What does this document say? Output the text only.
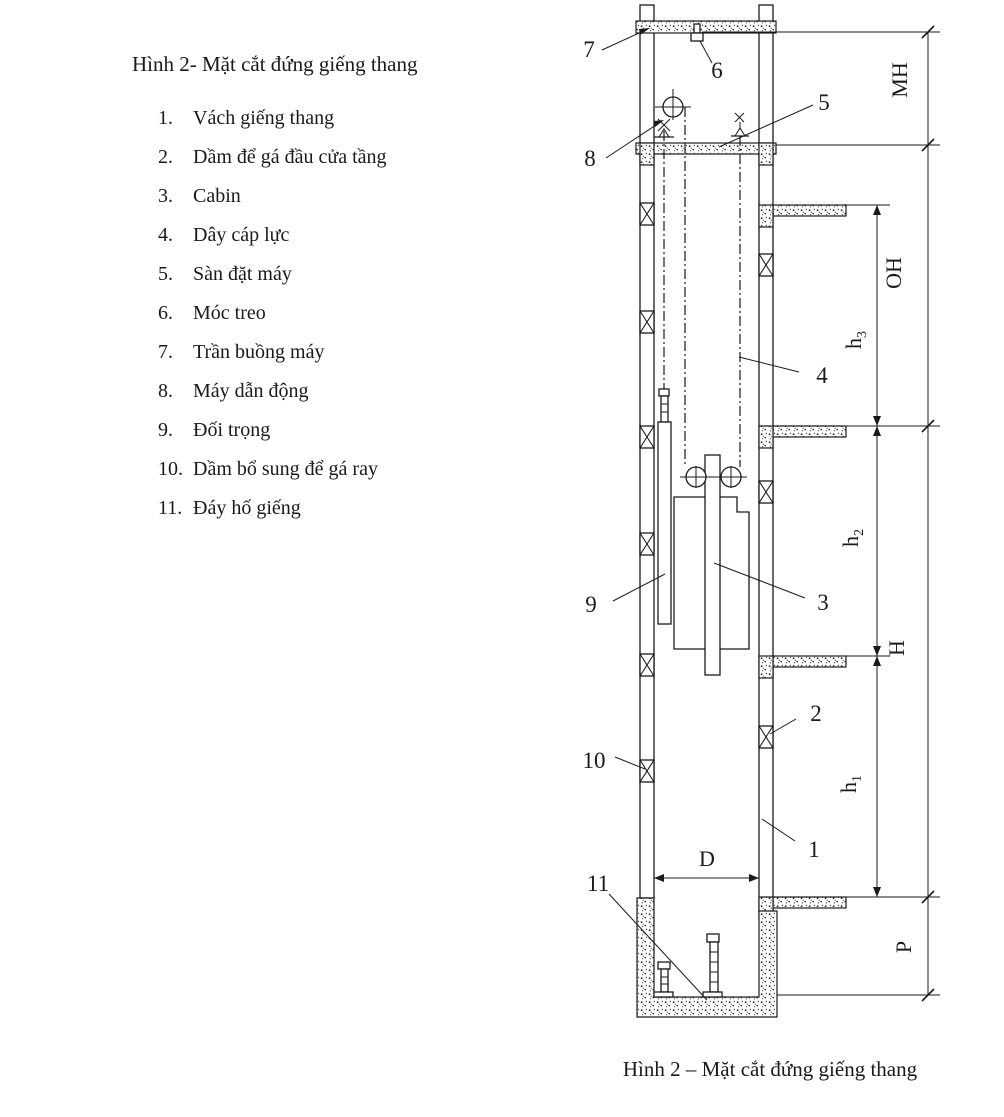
Hình 2- Mặt cắt đứng giếng thang
1.	Vách giếng thang
2.	Dầm để gá đầu cửa tầng
3.	Cabin
4.	Dây cáp lực
5.	Sàn đặt máy
6.	Móc treo
7.	Trần buồng máy
8.	Máy dẫn động
9.	Đối trọng
10. Dầm bổ sung để gá ray
11. Đáy hố giếng
7
6
5
8
4
9	3
2
10
1
11
MH
OH
H
P
D
$h_3$
$h_2$
$h_1$
Hình 2 – Mặt cắt đứng giếng thang
